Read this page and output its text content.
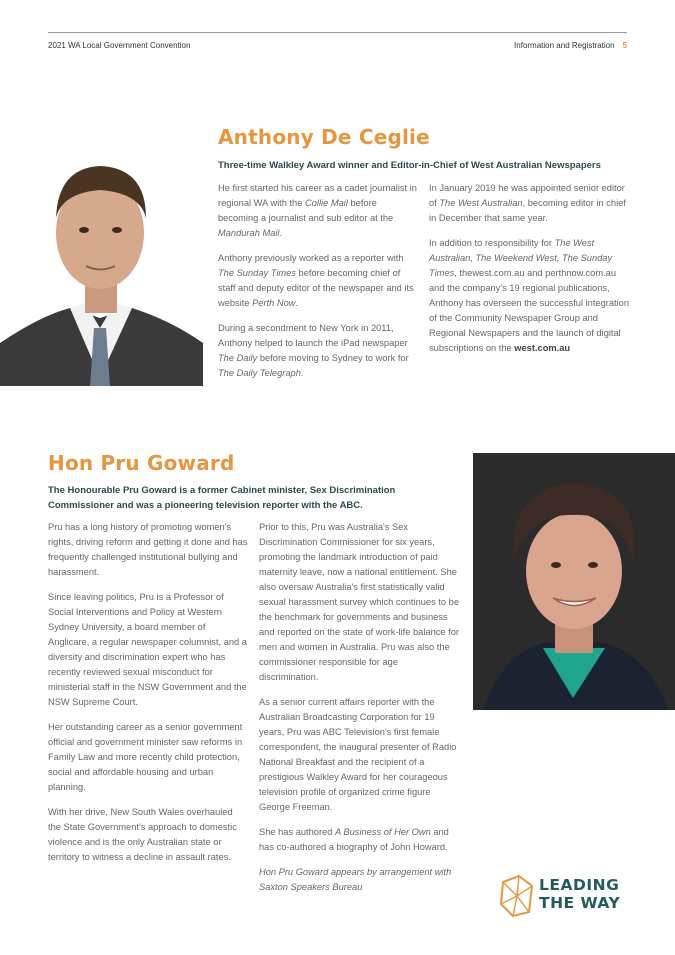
2021 WA Local Government Convention	Information and Registration 5
Anthony De Ceglie
Three-time Walkley Award winner and Editor-in-Chief of West Australian Newspapers

He first started his career as a cadet journalist in regional WA with the Collie Mail before becoming a journalist and sub editor at the Mandurah Mail.

Anthony previously worked as a reporter with The Sunday Times before becoming chief of staff and deputy editor of the newspaper and its website Perth Now.

During a secondment to New York in 2011, Anthony helped to launch the iPad newspaper The Daily before moving to Sydney to work for The Daily Telegraph.

In January 2019 he was appointed senior editor of The West Australian, becoming editor in chief in December that same year.

In addition to responsibility for The West Australian, The Weekend West, The Sunday Times, thewest.com.au and perthnow.com.au and the company's 19 regional publications, Anthony has overseen the successful integration of the Community Newspaper Group and Regional Newspapers and the launch of digital subscriptions on the west.com.au

Hon Pru Goward
The Honourable Pru Goward is a former Cabinet minister, Sex Discrimination
Commissioner and was a pioneering television reporter with the ABC.

Pru has a long history of promoting women's rights, driving reform and getting it done and has frequently challenged institutional bullying and harassment.

Since leaving politics, Pru is a Professor of Social Interventions and Policy at Western Sydney University, a board member of Anglicare, a regular newspaper columnist, and a diversity and discrimination expert who has recently reviewed sexual misconduct for ministerial staff in the NSW Government and the NSW Supreme Court.

Her outstanding career as a senior government official and government minister saw reforms in Family Law and more recently child protection, social and affordable housing and urban planning.

With her drive, New South Wales overhauled the State Government's approach to domestic violence and is the only Australian state or territory to witness a decline in assault rates.

Prior to this, Pru was Australia's Sex Discrimination Commissioner for six years, promoting the landmark introduction of paid maternity leave, now a national entitlement. She also oversaw Australia's first statistically valid sexual harassment survey which continues to be the benchmark for governments and business and reported on the state of work-life balance for men and women in Australia. Pru was also the commissioner responsible for age discrimination.

As a senior current affairs reporter with the Australian Broadcasting Corporation for 19 years, Pru was ABC Television's first female correspondent, the inaugural presenter of Radio National Breakfast and the recipient of a prestigious Walkley Award for her courageous television profile of organized crime figure George Freeman.

She has authored A Business of Her Own and has co-authored a biography of John Howard.

Hon Pru Goward appears by arrangement with Saxton Speakers Bureau	LEADING
THE WAY
